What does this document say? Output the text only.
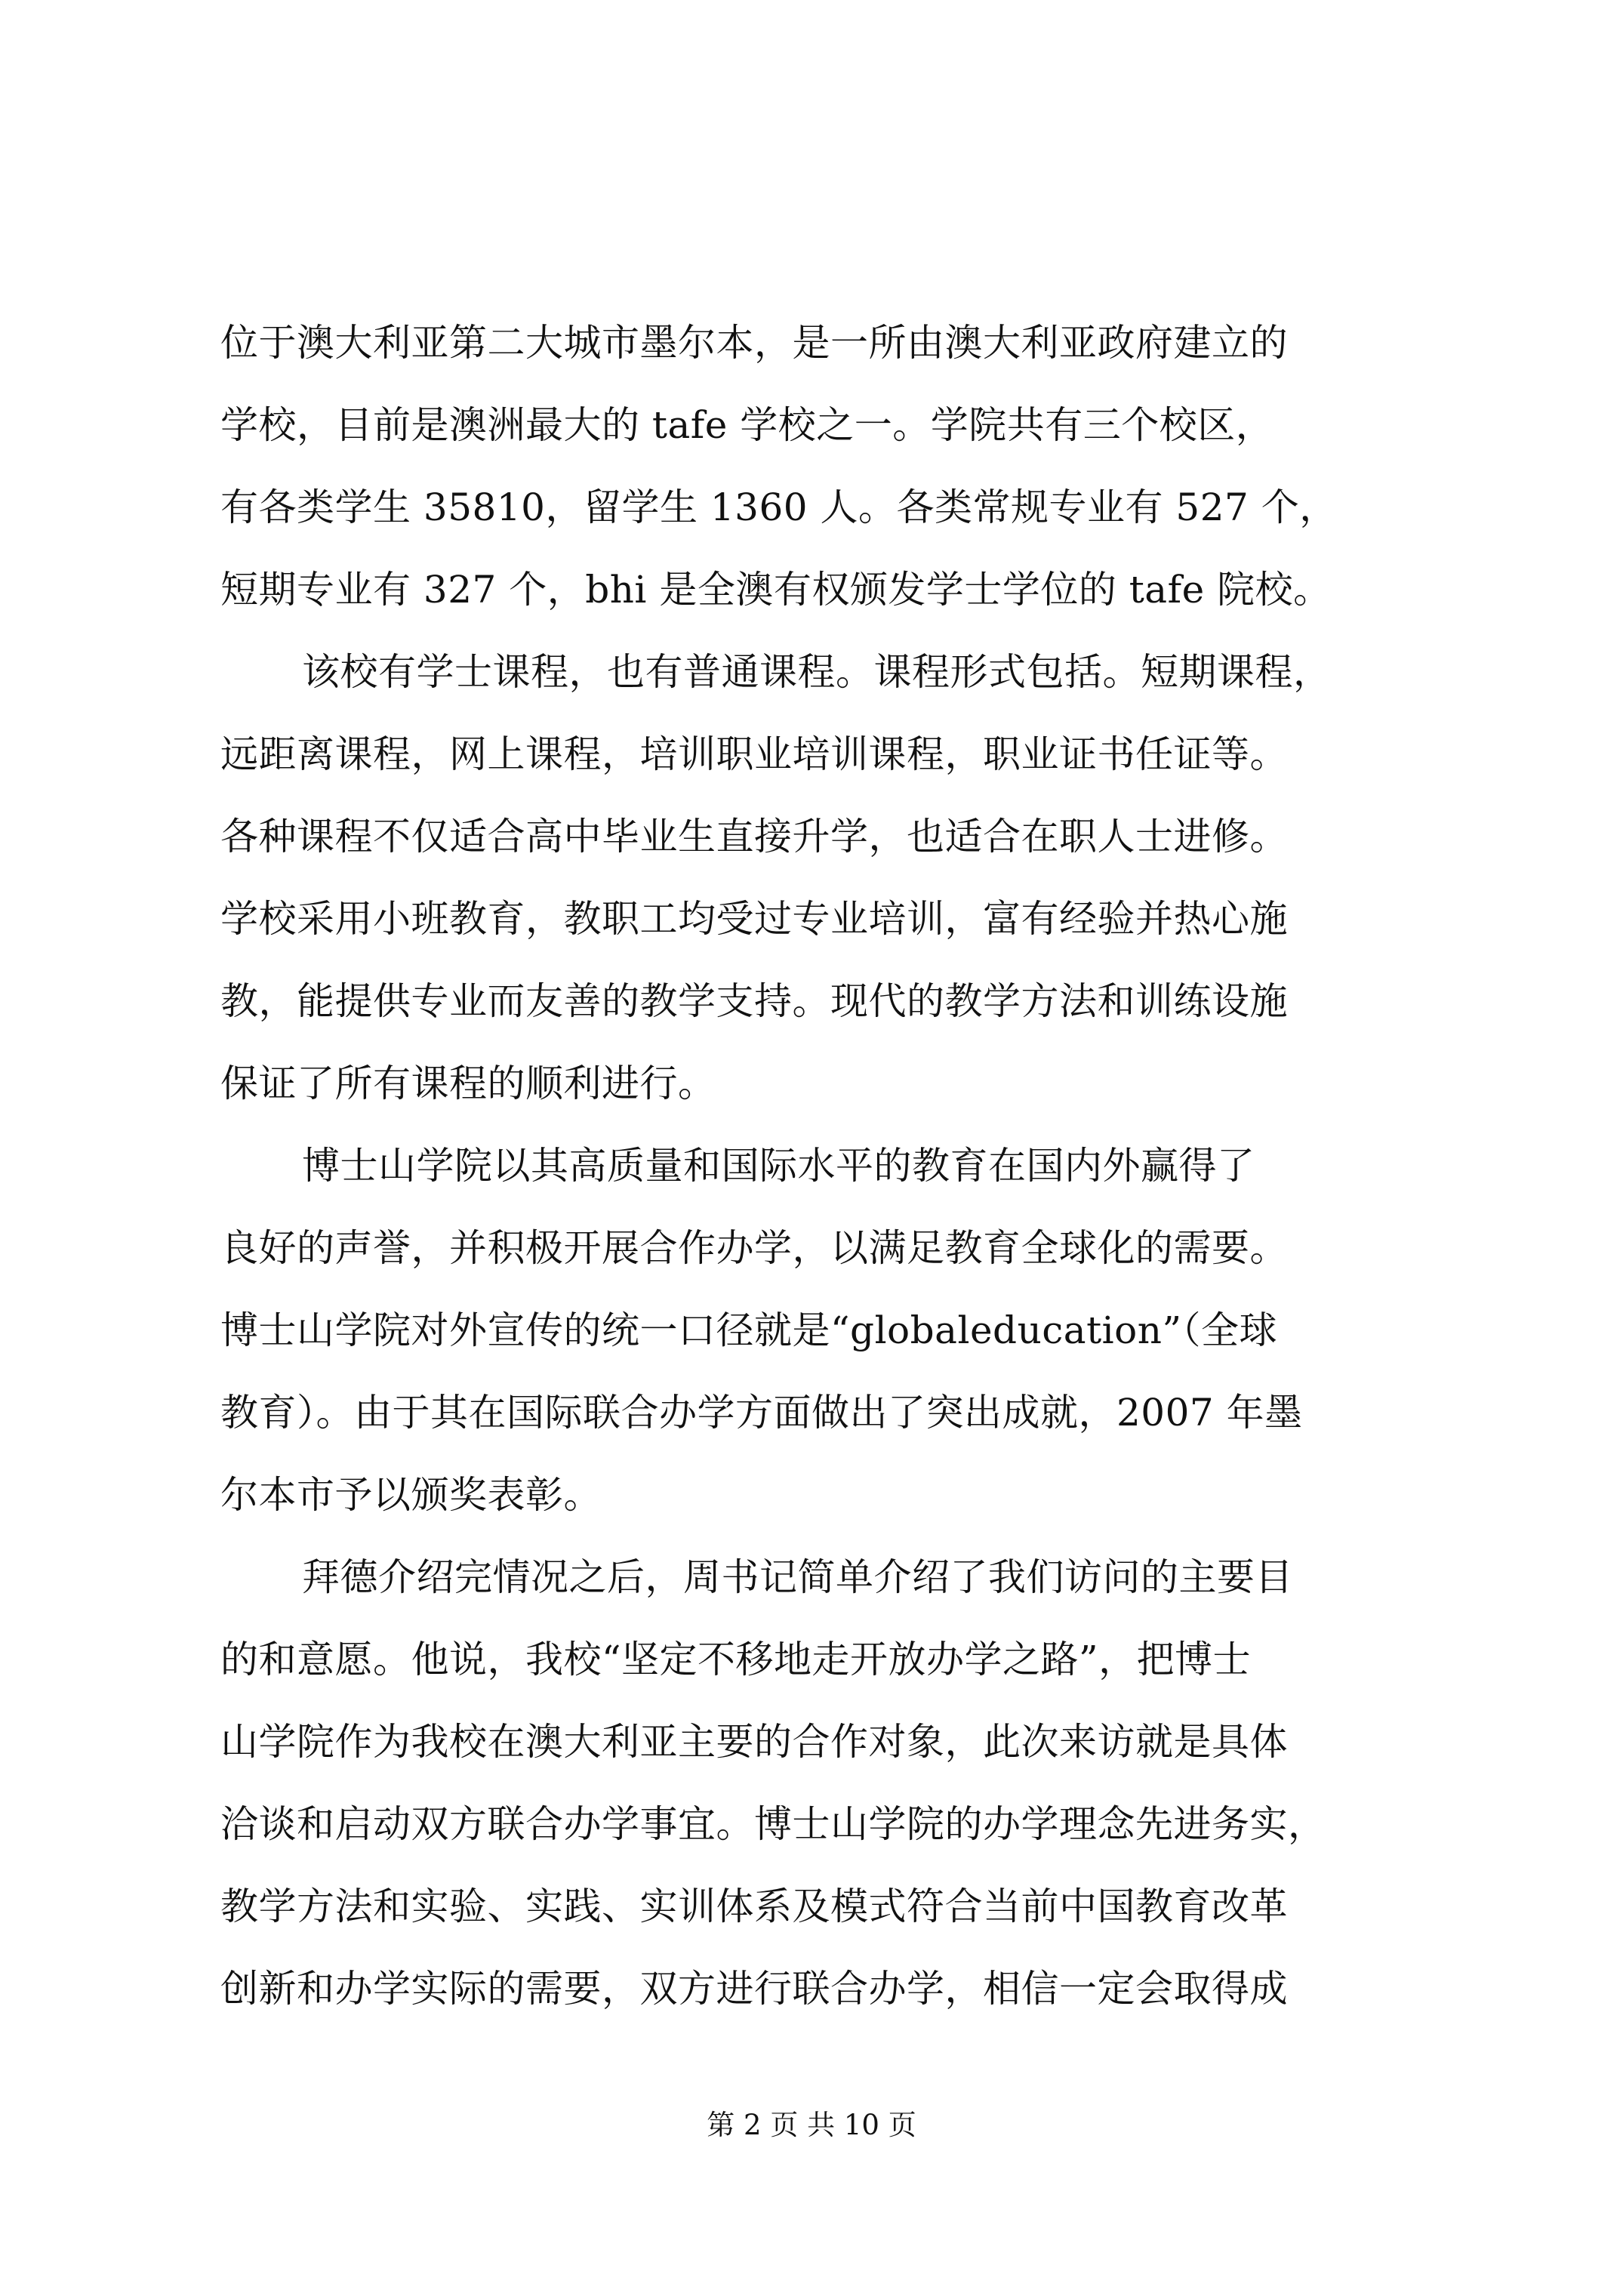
位于澳大利亚第二大城市墨尔本，是一所由澳大利亚政府建立的
学校，目前是澳洲最大的 tafe 学校之一。学院共有三个校区，
有各类学生 35810，留学生 1360 人。各类常规专业有 527 个，
短期专业有 327 个，bhi 是全澳有权颁发学士学位的 tafe 院校。
该校有学士课程，也有普通课程。课程形式包括。短期课程，
远距离课程，网上课程，培训职业培训课程，职业证书任证等。
各种课程不仅适合高中毕业生直接升学，也适合在职人士进修。
学校采用小班教育，教职工均受过专业培训，富有经验并热心施
教，能提供专业而友善的教学支持。现代的教学方法和训练设施
保证了所有课程的顺利进行。
博士山学院以其高质量和国际水平的教育在国内外赢得了
良好的声誉，并积极开展合作办学，以满足教育全球化的需要。
博士山学院对外宣传的统一口径就是“globaleducation”（全球
教育）。由于其在国际联合办学方面做出了突出成就，2007 年墨
尔本市予以颁奖表彰。
拜德介绍完情况之后，周书记简单介绍了我们访问的主要目
的和意愿。他说，我校“坚定不移地走开放办学之路”，把博士
山学院作为我校在澳大利亚主要的合作对象，此次来访就是具体
洽谈和启动双方联合办学事宜。博士山学院的办学理念先进务实，
教学方法和实验、实践、实训体系及模式符合当前中国教育改革
创新和办学实际的需要，双方进行联合办学，相信一定会取得成
第 2 页 共 10 页
